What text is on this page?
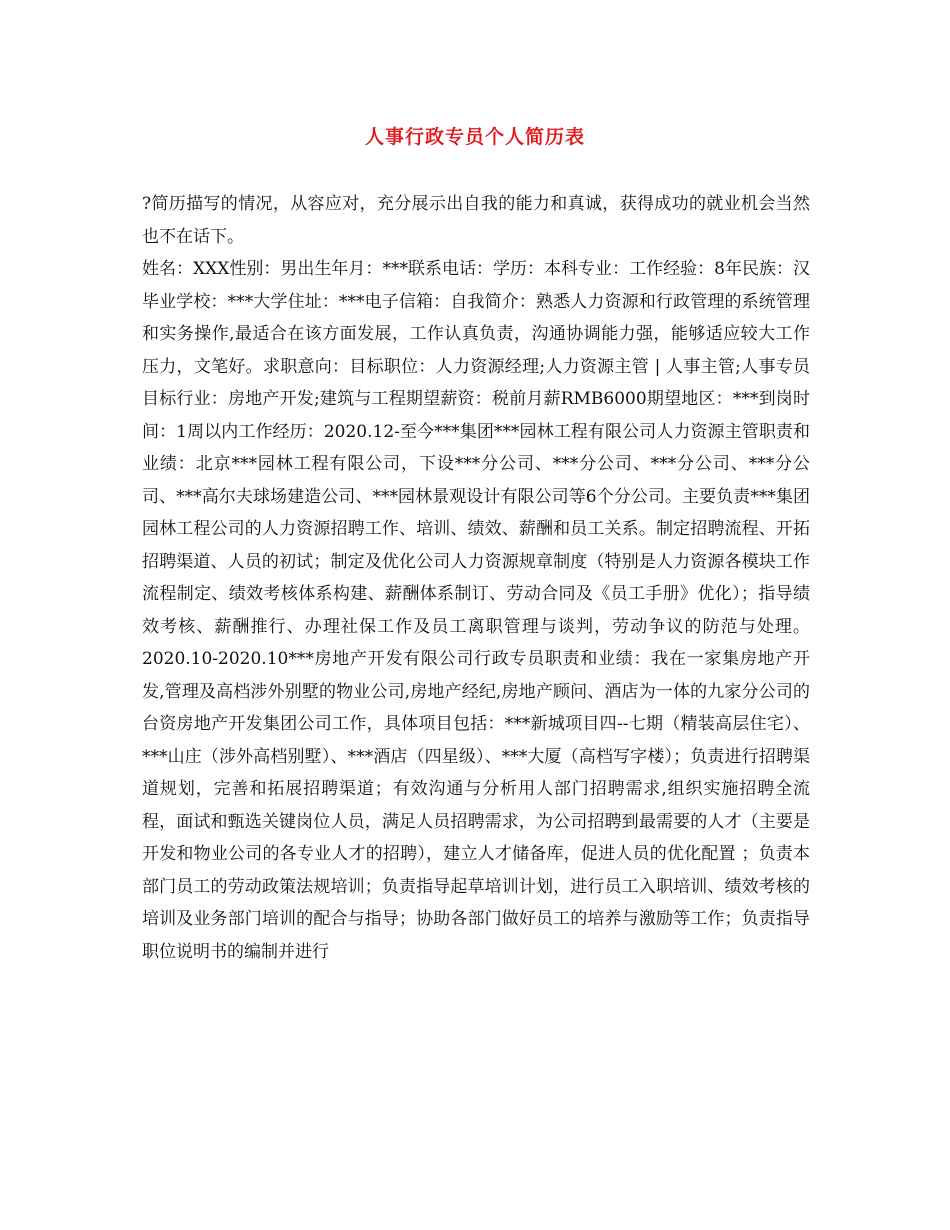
人事行政专员个人简历表

?简历描写的情况，从容应对，充分展示出自我的能力和真诚，获得成功的就业机会当然也不在话下。

姓名：XXX性别：男出生年月：***联系电话：学历：本科专业：工作经验：8年民族：汉毕业学校：***大学住址：***电子信箱：自我简介：熟悉人力资源和行政管理的系统管理和实务操作,最适合在该方面发展，工作认真负责，沟通协调能力强，能够适应较大工作压力，文笔好。求职意向：目标职位：人力资源经理;人力资源主管 | 人事主管;人事专员目标行业：房地产开发;建筑与工程期望薪资：税前月薪RMB6000期望地区：***到岗时间：1周以内工作经历：2020.12-至今***集团***园林工程有限公司人力资源主管职责和业绩：北京***园林工程有限公司，下设***分公司、***分公司、***分公司、***分公司、***高尔夫球场建造公司、***园林景观设计有限公司等6个分公司。主要负责***集团园林工程公司的人力资源招聘工作、培训、绩效、薪酬和员工关系。制定招聘流程、开拓招聘渠道、人员的初试；制定及优化公司人力资源规章制度（特别是人力资源各模块工作流程制定、绩效考核体系构建、薪酬体系制订、劳动合同及《员工手册》优化）；指导绩效考核、薪酬推行、办理社保工作及员工离职管理与谈判，劳动争议的防范与处理。2020.10-2020.10***房地产开发有限公司行政专员职责和业绩：我在一家集房地产开发,管理及高档涉外别墅的物业公司,房地产经纪,房地产顾问、酒店为一体的九家分公司的台资房地产开发集团公司工作，具体项目包括：***新城项目四--七期（精装高层住宅）、***山庄（涉外高档别墅）、***酒店（四星级）、***大厦（高档写字楼）；负责进行招聘渠道规划，完善和拓展招聘渠道；有效沟通与分析用人部门招聘需求,组织实施招聘全流程，面试和甄选关键岗位人员，满足人员招聘需求，为公司招聘到最需要的人才（主要是开发和物业公司的各专业人才的招聘），建立人才储备库，促进人员的优化配置 ；负责本部门员工的劳动政策法规培训；负责指导起草培训计划，进行员工入职培训、绩效考核的培训及业务部门培训的配合与指导；协助各部门做好员工的培养与激励等工作；负责指导职位说明书的编制并进行
